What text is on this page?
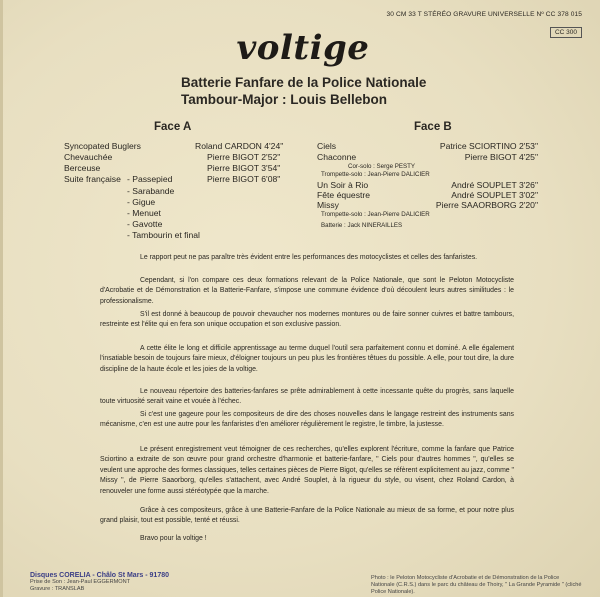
30 CM 33 T STÉRÉO GRAVURE UNIVERSELLE Nº CC 378 015
CC 300
voltige
Batterie Fanfare de la Police Nationale
Tambour-Major : Louis Bellebon
Face A
Syncopated Buglers	Roland CARDON 4'24"
Chevauchée	Pierre BIGOT 2'52"
Berceuse	Pierre BIGOT 3'54"
Suite française - Passepied	Pierre BIGOT 6'08"
- Sarabande
- Gigue
- Menuet
- Gavotte
- Tambourin et final
Face B
Ciels	Patrice SCIORTINO 2'53"
Chaconne	Pierre BIGOT 4'25"
Cor-solo : Serge PESTY
Trompette-solo : Jean-Pierre DALICIER
Un Soir à Rio	André SOUPLET 3'26"
Fête équestre	André SOUPLET 3'02"
Missy	Pierre SAAORBORG 2'20"
Trompette-solo : Jean-Pierre DALICIER
Batterie : Jack NINERAILLES
Le rapport peut ne pas paraître très évident entre les performances des motocyclistes et celles des fanfaristes.
Cependant, si l'on compare ces deux formations relevant de la Police Nationale, que sont le Peloton Motocycliste d'Acrobatie et de Démonstration et la Batterie-Fanfare, s'impose une commune évidence d'où découlent leurs autres similitudes : le professionalisme.
S'il est donné à beaucoup de pouvoir chevaucher nos modernes montures ou de faire sonner cuivres et battre tambours, restreinte est l'élite qui en fera son unique occupation et son exclusive passion.
A cette élite le long et difficile apprentissage au terme duquel l'outil sera parfaitement connu et dominé. A elle également l'insatiable besoin de toujours faire mieux, d'éloigner toujours un peu plus les frontières têtues du possible. A elle, pour tout dire, la dure discipline de la haute école et les joies de la voltige.
Le nouveau répertoire des batteries-fanfares se prête admirablement à cette incessante quête du progrès, sans laquelle toute virtuosité serait vaine et vouée à l'échec.
Si c'est une gageure pour les compositeurs de dire des choses nouvelles dans le langage restreint des instruments sans mécanisme, c'en est une autre pour les fanfaristes d'en améliorer régulièrement le registre, le timbre, la justesse.
Le présent enregistrement veut témoigner de ces recherches, qu'elles explorent l'écriture, comme la fanfare que Patrice Sciortino a extraite de son œuvre pour grand orchestre d'harmonie et batterie-fanfare, " Ciels pour d'autres hommes ", qu'elles se veulent une approche des formes classiques, telles certaines pièces de Pierre Bigot, qu'elles se réfèrent explicitement au jazz, comme " Missy ", de Pierre Saaorborg, qu'elles s'attachent, avec André Souplet, à la rigueur du style, ou visent, chez Roland Cardon, à renouveler une forme aussi stéréotypée que la marche.
Grâce à ces compositeurs, grâce à une Batterie-Fanfare de la Police Nationale au mieux de sa forme, et pour notre plus grand plaisir, tout est possible, tenté et réussi.
Bravo pour la voltige !
Disques CORELIA - Châlo St Mars - 91780
Prise de Son : Jean-Paul EGGERMONT
Gravure : TRANSLAB
Photo : le Peloton Motocycliste d'Acrobatie et de Démonstration de la Police Nationale (C.R.S.) dans le parc du château de Thoiry, " La Grande Pyramide " (cliché Police Nationale).
